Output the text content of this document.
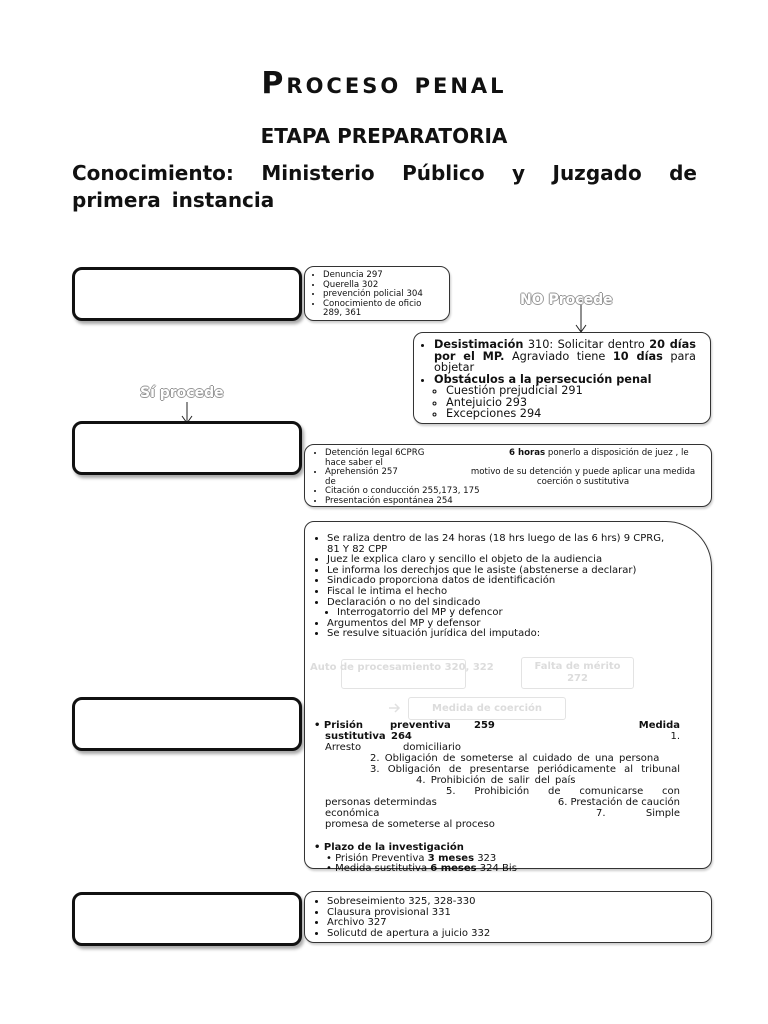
Proceso penal
ETAPA PREPARATORIA
Conocimiento: Ministerio Público y Juzgado de primera instancia
NO Procede
Sí procede
• Denuncia 297
• Querella 302
• prevención policial 304
• Conocimiento de oficio 289, 361
• Desistimación 310: Solicitar dentro 20 días por el MP. Agraviado tiene 10 días para objetar
• Obstáculos a la persecución penal
◦ Cuestión prejudicial 291
◦ Antejuicio 293
◦ Excepciones 294
• Detención legal 6CPRG
hace saber el
• Aprehensión 257
de
• Citación o conducción 255,173, 175
• Presentación espontánea 254
6 horas ponerlo a disposición de juez , le
motivo de su detención y puede aplicar una medida coerción o sustitutiva
• Se raliza dentro de las 24 horas (18 hrs luego de las 6 hrs) 9 CPRG, 81 Y 82 CPP
• Juez le explica claro y sencillo el objeto de la audiencia
• Le informa los derechjos que le asiste (abstenerse a declarar)
• Sindicado proporciona datos de identificación
• Fiscal le intima el hecho
• Declaración o no del sindicado
• Interrogatorrio del MP y defencor
• Argumentos del MP y defensor
• Se resulve situación jurídica del imputado:
Auto de procesamiento 320, 322	Falta de mérito 272
Medida de coerción
• Prisión	preventiva 259	Medida
sustitutiva 264	1.
Arresto	domiciliario
2. Obligación de someterse al cuidado de una persona
3. Obligación de presentarse periódicamente al tribunal
4. Prohibición de salir del país
5. Prohibición de comunicarse con
personas determindas	6. Prestación de caución
económica	7. Simple
promesa de someterse al proceso
• Plazo de la investigación
• Prisión Preventiva 3 meses 323
• Medida sustitutiva 6 meses 324 Bis
• Sobreseimiento 325, 328-330
• Clausura provisional 331
• Archivo 327
• Solicutd de apertura a juicio 332
